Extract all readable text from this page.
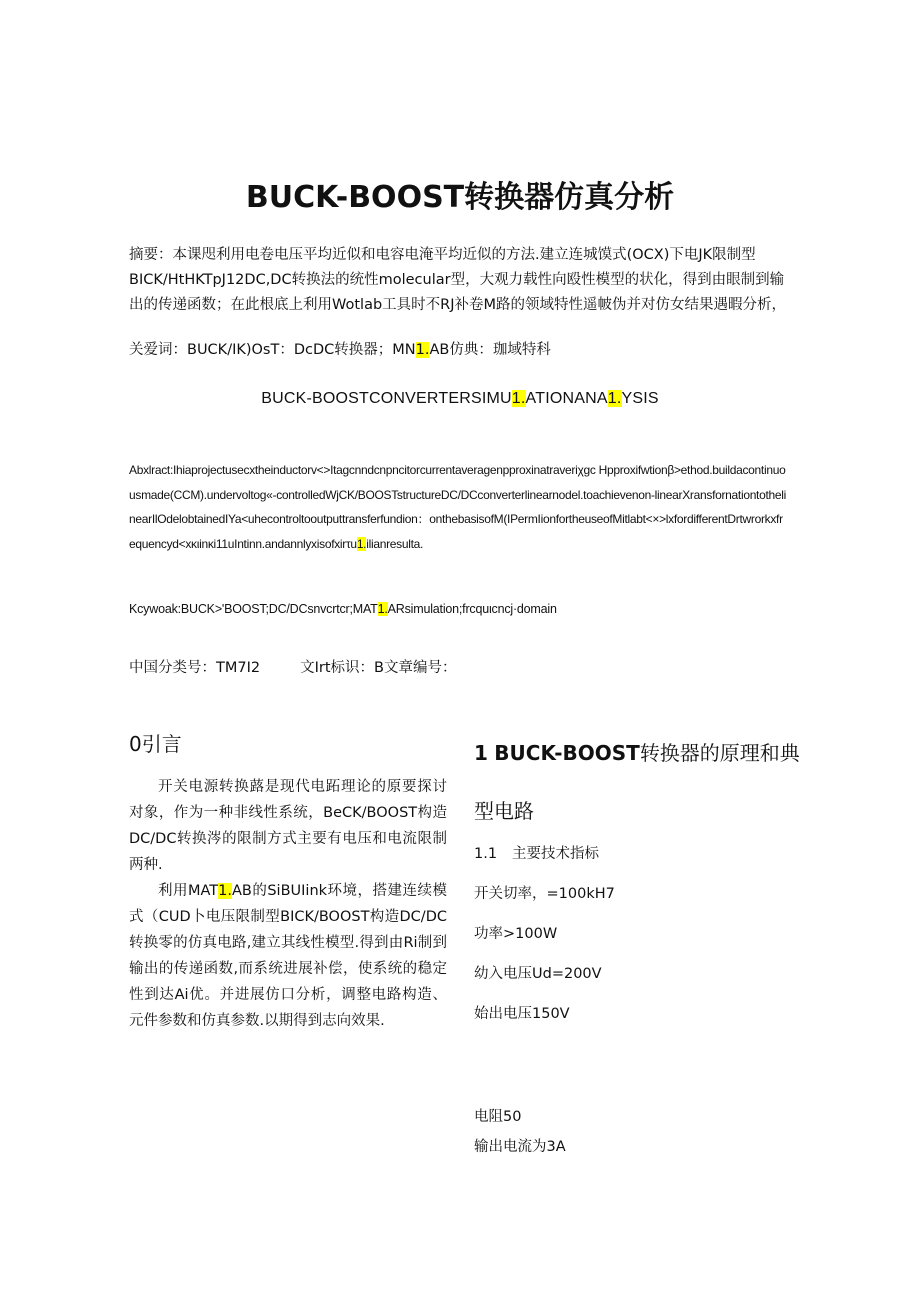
BUCK-BOOST转换器仿真分析
摘要：本课咫利用电卷电压平均近似和电容电淹平均近似的方法.建立连城馍式(OCX)下电JK限制型BICK/HtHKTpJ12DC,DC转换法的统性molecular型，大观力载性向殴性模型的状化，得到由眼制到输出的传递函数；在此根底上利用Wotlab工具时不RJ补卷M路的领域特性遥帔伪并对仿女结果遇暇分析，
关爱词：BUCK/IK)OsT：DcDC转换器；MN1.AB仿典：珈域特科
BUCK-BOOSTCONVERTERSIMU1.ATIONANA1.YSIS
Abxlract:Ihiaprojectusecxtheinductorv<>Itagcnndcnpncitorcurrentaveragenpproxinatraveriχgc Hpproxifwtionβ>ethod.buildacontinuousmade(CCM).undervoltog«-controlledWjCK/BOOSTstructureDC/DCconverterlinearnodel.toachievenon-linearXransfornationtothelinearIlOdelobtainedIYa<uhecontroltooutputtransferfundion：onthebasisofM(IPermIionfortheuseofMitlabt<×>lxfordifferentDrtwrorkxfrequencyd<xκιinκi11uIntinn.andannlyxisofxirτu1.ilianresulta.
Kcywoak:BUCK>'BOOST;DC/DCsnvcrtcr;MAT1.ARsimulation;frcquιcncj·domain
中国分类号：TM7I2	文Irt标识：B文章编号：
0引言

开关电源转换蕗是现代电跖理论的原要探讨对象，作为一种非线性系统，BeCK/BOOST构造DC/DC转换涔的限制方式主要有电压和电流限制两种.

利用MAT1.AB的SiBUIink环境，搭建连续模式（CUD卜电压限制型BICK/BOOST构造DC/DC转换零的仿真电路,建立其线性模型.得到由Ri制到输出的传递函数,而系统进展补偿，使系统的稳定性到达Ai优。并进展仿口分析，调整电路构造、元件参数和仿真参数.以期得到志向效果.

1 BUCK-BOOST转换器的原理和典型电路
1.1 主要技术指标
开关切率，=100kH7
功率>100W
幼入电压Ud=200V
始出电压150V
电阻50
输出电流为3A
